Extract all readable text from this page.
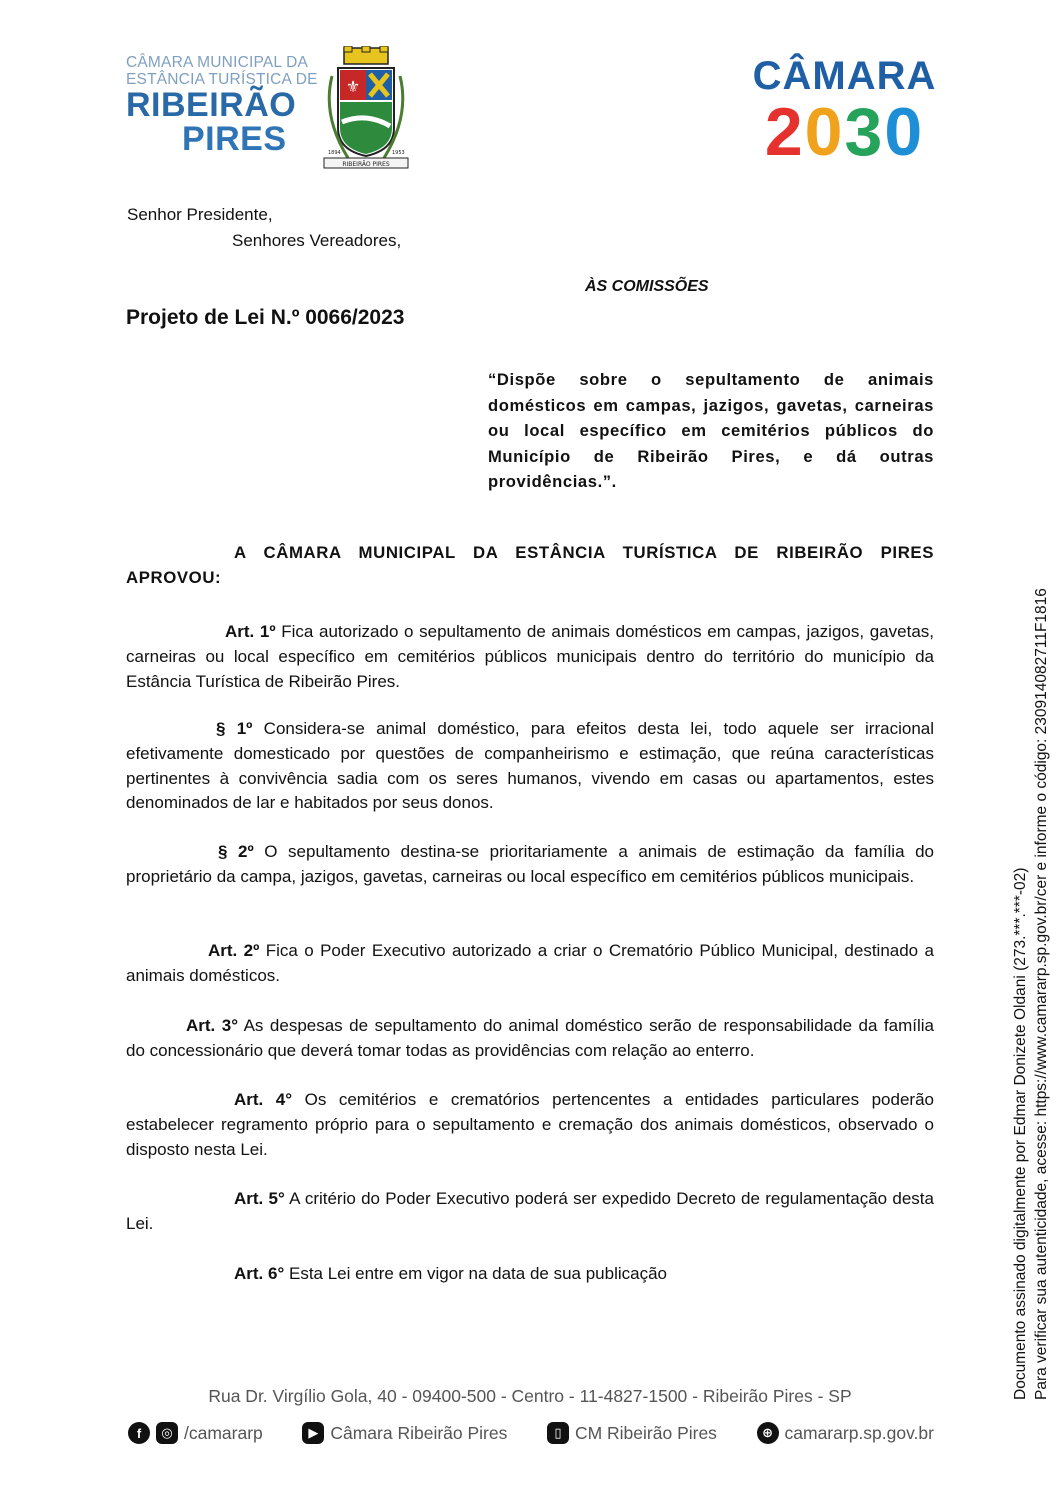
CÂMARA MUNICIPAL DA
ESTÂNCIA TURÍSTICA DE
RIBEIRÃO
PIRES
⚜
RIBEIRÃO PIRES
1894	1953
CÂMARA
2030
Senhor Presidente,
Senhores Vereadores,
ÀS COMISSÕES
Projeto de Lei N.º 0066/2023
“Dispõe sobre o sepultamento de animais domésticos em campas, jazigos, gavetas, carneiras ou local específico em cemitérios públicos do Município de Ribeirão Pires, e dá outras providências.”.
A CÂMARA MUNICIPAL DA ESTÂNCIA TURÍSTICA DE RIBEIRÃO PIRES APROVOU:
Art. 1º Fica autorizado o sepultamento de animais domésticos em campas, jazigos, gavetas, carneiras ou local específico em cemitérios públicos municipais dentro do território do município da Estância Turística de Ribeirão Pires.
§ 1º Considera-se animal doméstico, para efeitos desta lei, todo aquele ser irracional efetivamente domesticado por questões de companheirismo e estimação, que reúna características pertinentes à convivência sadia com os seres humanos, vivendo em casas ou apartamentos, estes denominados de lar e habitados por seus donos.
§ 2º O sepultamento destina-se prioritariamente a animais de estimação da família do proprietário da campa, jazigos, gavetas, carneiras ou local específico em cemitérios públicos municipais.
Art. 2º Fica o Poder Executivo autorizado a criar o Crematório Público Municipal, destinado a animais domésticos.
Art. 3° As despesas de sepultamento do animal doméstico serão de responsabilidade da família do concessionário que deverá tomar todas as providências com relação ao enterro.
Art. 4° Os cemitérios e crematórios pertencentes a entidades particulares poderão estabelecer regramento próprio para o sepultamento e cremação dos animais domésticos, observado o disposto nesta Lei.
Art. 5° A critério do Poder Executivo poderá ser expedido Decreto de regulamentação desta Lei.
Art. 6° Esta Lei entre em vigor na data de sua publicação
Rua Dr. Virgílio Gola, 40 - 09400-500 - Centro - 11-4827-1500 - Ribeirão Pires - SP
f	◎ /camararp	▶ Câmara Ribeirão Pires	▯ CM Ribeirão Pires	⊕ camararp.sp.gov.br
Documento assinado digitalmente por Edmar Donizete Oldani (273.***.***-02) Para verificar sua autenticidade, acesse: https://www.camararp.sp.gov.br/cer e informe o código: 230914082711F1816
